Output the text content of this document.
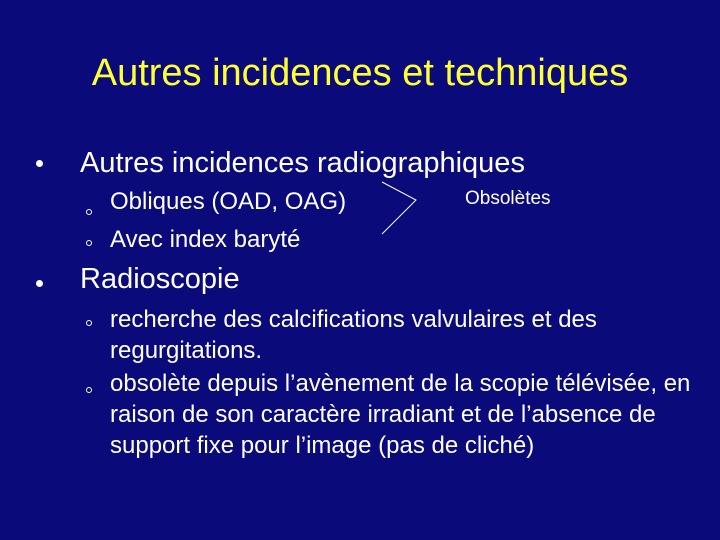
Autres incidences et techniques
Autres incidences radiographiques
Obliques (OAD, OAG)
Avec index baryté
Obsolètes
Radioscopie
recherche des calcifications valvulaires et des regurgitations.
obsolète depuis l’avènement de la scopie télévisée, en raison de son caractère irradiant et de l’absence de support fixe pour l’image (pas de cliché)
